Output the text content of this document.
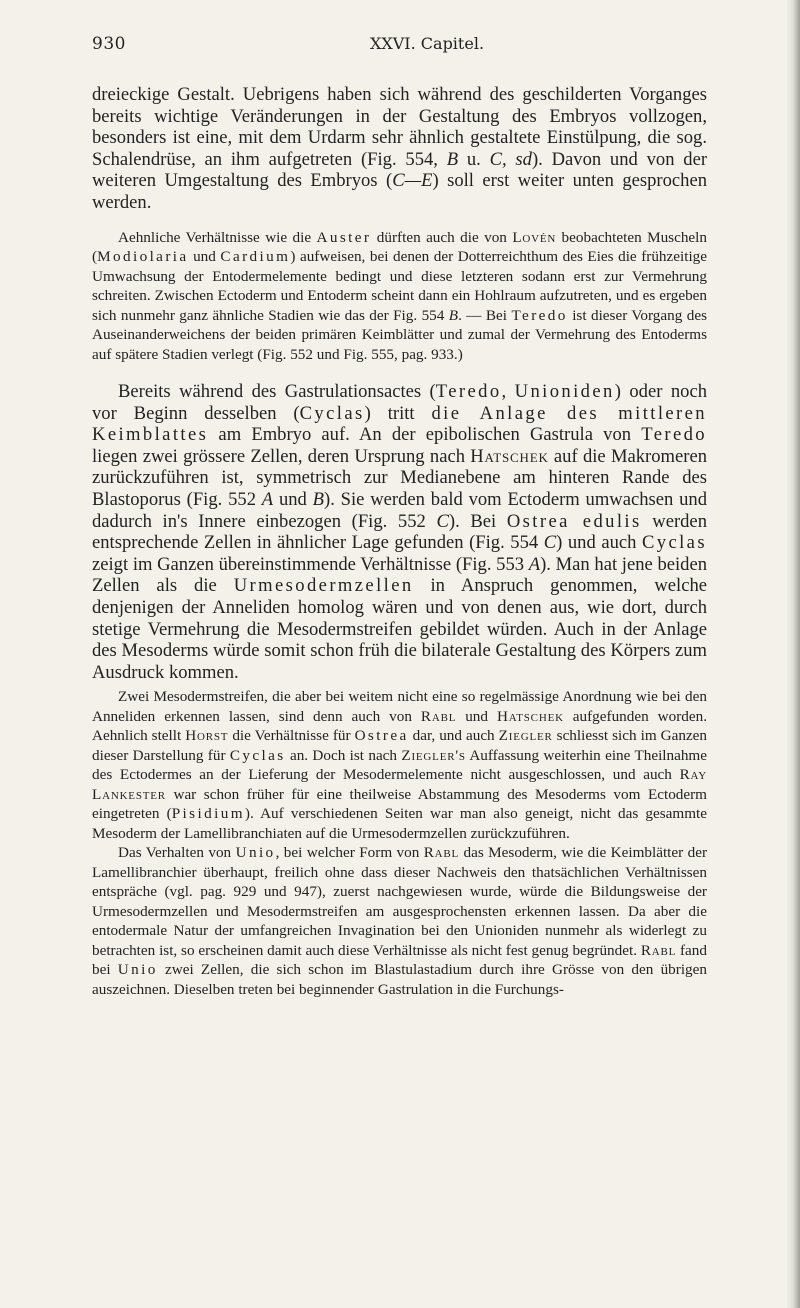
930	XXVI. Capitel.

dreieckige Gestalt. Uebrigens haben sich während des geschilderten Vorganges bereits wichtige Veränderungen in der Gestaltung des Embryos vollzogen, besonders ist eine, mit dem Urdarm sehr ähnlich gestaltete Einstülpung, die sog. Schalendrüse, an ihm aufgetreten (Fig. 554, B u. C, sd). Davon und von der weiteren Umgestaltung des Embryos (C—E) soll erst weiter unten gesprochen werden.

Aehnliche Verhältnisse wie die Auster dürften auch die von Lovén beobachteten Muscheln (Modiolaria und Cardium) aufweisen, bei denen der Dotterreichthum des Eies die frühzeitige Umwachsung der Entodermelemente bedingt und diese letzteren sodann erst zur Vermehrung schreiten. Zwischen Ectoderm und Entoderm scheint dann ein Hohlraum aufzutreten, und es ergeben sich nunmehr ganz ähnliche Stadien wie das der Fig. 554 B. — Bei Teredo ist dieser Vorgang des Auseinanderweichens der beiden primären Keimblätter und zumal der Vermehrung des Entoderms auf spätere Stadien verlegt (Fig. 552 und Fig. 555, pag. 933.)

Bereits während des Gastrulationsactes (Teredo, Unioniden) oder noch vor Beginn desselben (Cyclas) tritt die Anlage des mittleren Keimblattes am Embryo auf. An der epibolischen Gastrula von Teredo liegen zwei grössere Zellen, deren Ursprung nach Hatschek auf die Makromeren zurückzuführen ist, symmetrisch zur Medianebene am hinteren Rande des Blastoporus (Fig. 552 A und B). Sie werden bald vom Ectoderm umwachsen und dadurch in's Innere einbezogen (Fig. 552 C). Bei Ostrea edulis werden entsprechende Zellen in ähnlicher Lage gefunden (Fig. 554 C) und auch Cyclas zeigt im Ganzen übereinstimmende Verhältnisse (Fig. 553 A). Man hat jene beiden Zellen als die Urmesodermzellen in Anspruch genommen, welche denjenigen der Anneliden homolog wären und von denen aus, wie dort, durch stetige Vermehrung die Mesodermstreifen gebildet würden. Auch in der Anlage des Mesoderms würde somit schon früh die bilaterale Gestaltung des Körpers zum Ausdruck kommen.

Zwei Mesodermstreifen, die aber bei weitem nicht eine so regelmässige Anordnung wie bei den Anneliden erkennen lassen, sind denn auch von Rabl und Hatschek aufgefunden worden. Aehnlich stellt Horst die Verhältnisse für Ostrea dar, und auch Ziegler schliesst sich im Ganzen dieser Darstellung für Cyclas an. Doch ist nach Ziegler's Auffassung weiterhin eine Theilnahme des Ectodermes an der Lieferung der Mesodermelemente nicht ausgeschlossen, und auch Ray Lankester war schon früher für eine theilweise Abstammung des Mesoderms vom Ectoderm eingetreten (Pisidium). Auf verschiedenen Seiten war man also geneigt, nicht das gesammte Mesoderm der Lamellibranchiaten auf die Urmesodermzellen zurückzuführen.

Das Verhalten von Unio, bei welcher Form von Rabl das Mesoderm, wie die Keimblätter der Lamellibranchier überhaupt, freilich ohne dass dieser Nachweis den thatsächlichen Verhältnissen entspräche (vgl. pag. 929 und 947), zuerst nachgewiesen wurde, würde die Bildungsweise der Urmesodermzellen und Mesodermstreifen am ausgesprochensten erkennen lassen. Da aber die entodermale Natur der umfangreichen Invagination bei den Unioniden nunmehr als widerlegt zu betrachten ist, so erscheinen damit auch diese Verhältnisse als nicht fest genug begründet. Rabl fand bei Unio zwei Zellen, die sich schon im Blastulastadium durch ihre Grösse von den übrigen auszeichnen. Dieselben treten bei beginnender Gastrulation in die Furchungs-
